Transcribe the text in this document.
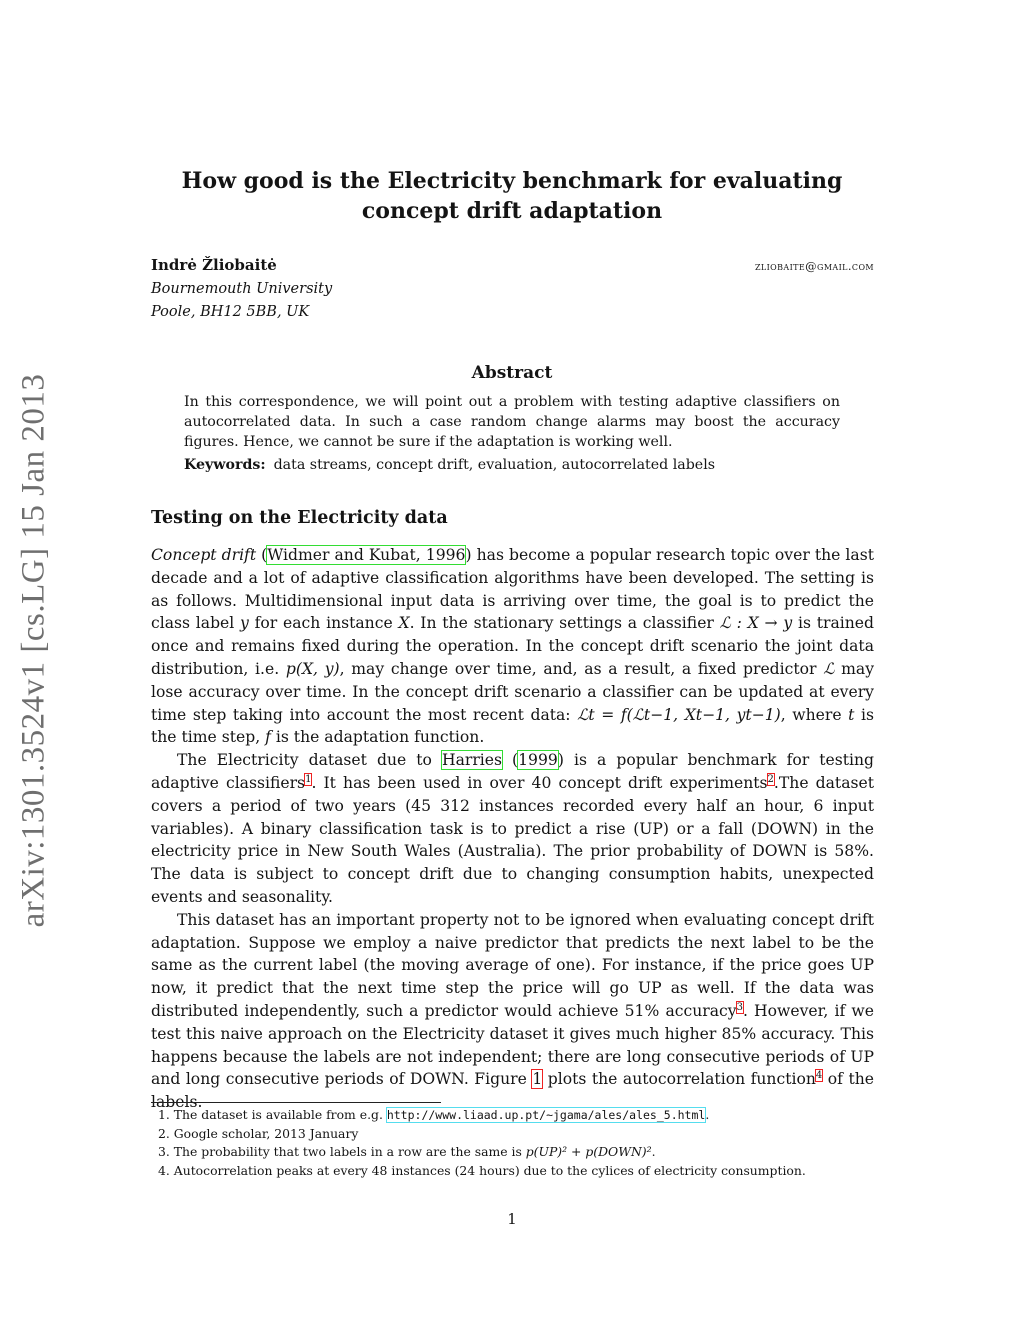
arXiv:1301.3524v1 [cs.LG] 15 Jan 2013
How good is the Electricity benchmark for evaluating
concept drift adaptation
Indrė Žliobaitė	zliobaite@gmail.com
Bournemouth University
Poole, BH12 5BB, UK
Abstract
In this correspondence, we will point out a problem with testing adaptive classifiers on autocorrelated data. In such a case random change alarms may boost the accuracy figures. Hence, we cannot be sure if the adaptation is working well.
Keywords: data streams, concept drift, evaluation, autocorrelated labels
Testing on the Electricity data

Concept drift (Widmer and Kubat, 1996) has become a popular research topic over the last decade and a lot of adaptive classification algorithms have been developed. The setting is as follows. Multidimensional input data is arriving over time, the goal is to predict the class label y for each instance X. In the stationary settings a classifier ℒ : X → y is trained once and remains fixed during the operation. In the concept drift scenario the joint data distribution, i.e. p(X, y), may change over time, and, as a result, a fixed predictor ℒ may lose accuracy over time. In the concept drift scenario a classifier can be updated at every time step taking into account the most recent data: ℒt = f(ℒt−1, Xt−1, yt−1), where t is the time step, f is the adaptation function.

The Electricity dataset due to Harries (1999) is a popular benchmark for testing adaptive classifiers$^1$. It has been used in over 40 concept drift experiments$^2$.The dataset covers a period of two years (45 312 instances recorded every half an hour, 6 input variables). A binary classification task is to predict a rise (UP) or a fall (DOWN) in the electricity price in New South Wales (Australia). The prior probability of DOWN is 58%. The data is subject to concept drift due to changing consumption habits, unexpected events and seasonality.

This dataset has an important property not to be ignored when evaluating concept drift adaptation. Suppose we employ a naive predictor that predicts the next label to be the same as the current label (the moving average of one). For instance, if the price goes UP now, it predict that the next time step the price will go UP as well. If the data was distributed independently, such a predictor would achieve 51% accuracy$^3$. However, if we test this naive approach on the Electricity dataset it gives much higher 85% accuracy. This happens because the labels are not independent; there are long consecutive periods of UP and long consecutive periods of DOWN. Figure 1 plots the autocorrelation function$^4$ of the labels.

1. The dataset is available from e.g. http://www.liaad.up.pt/~jgama/ales/ales_5.html.
2. Google scholar, 2013 January
3. The probability that two labels in a row are the same is p(UP)² + p(DOWN)².
4. Autocorrelation peaks at every 48 instances (24 hours) due to the cylices of electricity consumption.
1
